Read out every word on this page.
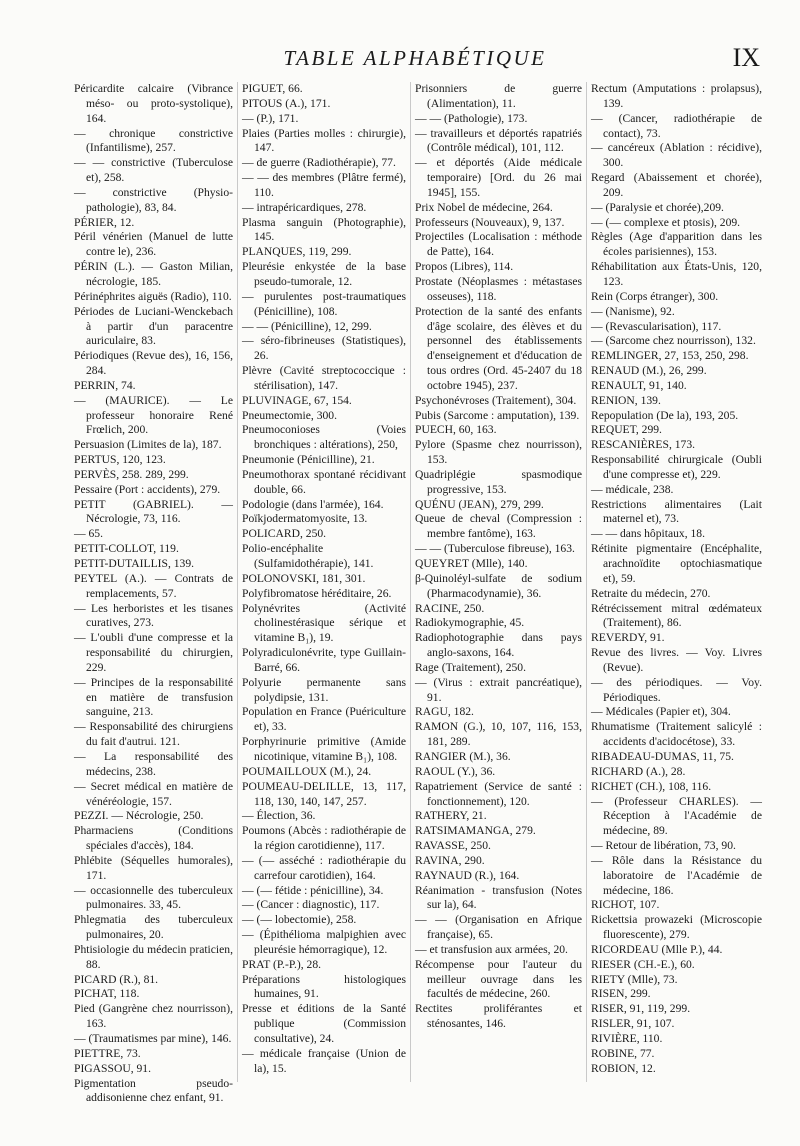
TABLE ALPHABÉTIQUE	IX
Péricardite calcaire (Vibrance méso- ou proto-systolique), 164.
— chronique constrictive (Infantilisme), 257.
— — constrictive (Tuberculose et), 258.
— constrictive (Physio-pathologie), 83, 84.
PÉRIER, 12.
Péril vénérien (Manuel de lutte contre le), 236.
PÉRIN (L.). — Gaston Milian, nécrologie, 185.
Périnéphrites aiguës (Radio), 110.
Périodes de Luciani-Wenckebach à partir d'un paracentre auriculaire, 83.
Périodiques (Revue des), 16, 156, 284.
PERRIN, 74.
— (MAURICE). — Le professeur honoraire René Frœlich, 200.
Persuasion (Limites de la), 187.
PERTUS, 120, 123.
PERVÈS, 258. 289, 299.
Pessaire (Port : accidents), 279.
PETIT (GABRIEL). — Nécrologie, 73, 116.
— 65.
PETIT-COLLOT, 119.
PETIT-DUTAILLIS, 139.
PEYTEL (A.). — Contrats de remplacements, 57.
— Les herboristes et les tisanes curatives, 273.
— L'oubli d'une compresse et la responsabilité du chirurgien, 229.
— Principes de la responsabilité en matière de transfusion sanguine, 213.
— Responsabilité des chirurgiens du fait d'autrui. 121.
— La responsabilité des médecins, 238.
— Secret médical en matière de vénéréologie, 157.
PEZZI. — Nécrologie, 250.
Pharmaciens (Conditions spéciales d'accès), 184.
Phlébite (Séquelles humorales), 171.
— occasionnelle des tuberculeux pulmonaires. 33, 45.
Phlegmatia des tuberculeux pulmonaires, 20.
Phtisiologie du médecin praticien, 88.
PICARD (R.), 81.
PICHAT, 118.
Pied (Gangrène chez nourrisson), 163.
— (Traumatismes par mine), 146.
PIETTRE, 73.
PIGASSOU, 91.
Pigmentation pseudo-addisonienne chez enfant, 91.
PIGUET, 66.
PITOUS (A.), 171.
— (P.), 171.
Plaies (Parties molles : chirurgie), 147.
— de guerre (Radiothérapie), 77.
— — des membres (Plâtre fermé), 110.
— intrapéricardiques, 278.
Plasma sanguin (Photographie), 145.
PLANQUES, 119, 299.
Pleurésie enkystée de la base pseudo-tumorale, 12.
— purulentes post-traumatiques (Pénicilline), 108.
— — (Pénicilline), 12, 299.
— séro-fibrineuses (Statistiques), 26.
Plèvre (Cavité streptococcique : stérilisation), 147.
PLUVINAGE, 67, 154.
Pneumectomie, 300.
Pneumoconioses (Voies bronchiques : altérations), 250,
Pneumonie (Pénicilline), 21.
Pneumothorax spontané récidivant double, 66.
Podologie (dans l'armée), 164.
Poïkjodermatomyosite, 13.
POLICARD, 250.
Polio-encéphalite (Sulfamidothérapie), 141.
POLONOVSKI, 181, 301.
Polyfibromatose héréditaire, 26.
Polynévrites (Activité cholinestérasique sérique et vitamine B₁), 19.
Polyradiculonévrite, type Guillain-Barré, 66.
Polyurie permanente sans polydipsie, 131.
Population en France (Puériculture et), 33.
Porphyrinurie primitive (Amide nicotinique, vitamine B₁), 108.
POUMAILLOUX (M.), 24.
POUMEAU-DELILLE, 13, 117, 118, 130, 140, 147, 257.
— Élection, 36.
Poumons (Abcès : radiothérapie de la région carotidienne), 117.
— (— asséché : radiothérapie du carrefour carotidien), 164.
— (— fétide : pénicilline), 34.
— (Cancer : diagnostic), 117.
— (— lobectomie), 258.
— (Épithélioma malpighien avec pleurésie hémorragique), 12.
PRAT (P.-P.), 28.
Préparations histologiques humaines, 91.
Presse et éditions de la Santé publique (Commission consultative), 24.
— médicale française (Union de la), 15.
Prisonniers de guerre (Alimentation), 11.
— — (Pathologie), 173.
— travailleurs et déportés rapatriés (Contrôle médical), 101, 112.
— et déportés (Aide médicale temporaire) [Ord. du 26 mai 1945], 155.
Prix Nobel de médecine, 264.
Professeurs (Nouveaux), 9, 137.
Projectiles (Localisation : méthode de Patte), 164.
Propos (Libres), 114.
Prostate (Néoplasmes : métastases osseuses), 118.
Protection de la santé des enfants d'âge scolaire, des élèves et du personnel des établissements d'enseignement et d'éducation de tous ordres (Ord. 45-2407 du 18 octobre 1945), 237.
Psychonévroses (Traitement), 304.
Pubis (Sarcome : amputation), 139.
PUECH, 60, 163.
Pylore (Spasme chez nourrisson), 153.
Quadriplégie spasmodique progressive, 153.
QUÉNU (JEAN), 279, 299.
Queue de cheval (Compression : membre fantôme), 163.
— — (Tuberculose fibreuse), 163.
QUEYRET (Mlle), 140.
β-Quinoléyl-sulfate de sodium (Pharmacodynamie), 36.
RACINE, 250.
Radiokymographie, 45.
Radiophotographie dans pays anglo-saxons, 164.
Rage (Traitement), 250.
— (Virus : extrait pancréatique), 91.
RAGU, 182.
RAMON (G.), 10, 107, 116, 153, 181, 289.
RANGIER (M.), 36.
RAOUL (Y.), 36.
Rapatriement (Service de santé : fonctionnement), 120.
RATHERY, 21.
RATSIMAMANGA, 279.
RAVASSE, 250.
RAVINA, 290.
RAYNAUD (R.), 164.
Réanimation - transfusion (Notes sur la), 64.
— — (Organisation en Afrique française), 65.
— et transfusion aux armées, 20.
Récompense pour l'auteur du meilleur ouvrage dans les facultés de médecine, 260.
Rectites proliférantes et sténosantes, 146.
Rectum (Amputations : prolapsus), 139.
— (Cancer, radiothérapie de contact), 73.
— cancéreux (Ablation : récidive), 300.
Regard (Abaissement et chorée), 209.
— (Paralysie et chorée),209.
— (— complexe et ptosis), 209.
Règles (Age d'apparition dans les écoles parisiennes), 153.
Réhabilitation aux États-Unis, 120, 123.
Rein (Corps étranger), 300.
— (Nanisme), 92.
— (Revascularisation), 117.
— (Sarcome chez nourrisson), 132.
REMLINGER, 27, 153, 250, 298.
RENAUD (M.), 26, 299.
RENAULT, 91, 140.
RENION, 139.
Repopulation (De la), 193, 205.
REQUET, 299.
RESCANIÈRES, 173.
Responsabilité chirurgicale (Oubli d'une compresse et), 229.
— médicale, 238.
Restrictions alimentaires (Lait maternel et), 73.
— — dans hôpitaux, 18.
Rétinite pigmentaire (Encéphalite, arachnoïdite optochiasmatique et), 59.
Retraite du médecin, 270.
Rétrécissement mitral œdémateux (Traitement), 86.
REVERDY, 91.
Revue des livres. — Voy. Livres (Revue).
— des périodiques. — Voy. Périodiques.
— Médicales (Papier et), 304.
Rhumatisme (Traitement salicylé : accidents d'acidocétose), 33.
RIBADEAU-DUMAS, 11, 75.
RICHARD (A.), 28.
RICHET (CH.), 108, 116.
— (Professeur CHARLES). — Réception à l'Académie de médecine, 89.
— Retour de libération, 73, 90.
— Rôle dans la Résistance du laboratoire de l'Académie de médecine, 186.
RICHOT, 107.
Rickettsia prowazeki (Microscopie fluorescente), 279.
RICORDEAU (Mlle P.), 44.
RIESER (CH.-E.), 60.
RIETY (Mlle), 73.
RISEN, 299.
RISER, 91, 119, 299.
RISLER, 91, 107.
RIVIÈRE, 110.
ROBINE, 77.
ROBION, 12.
